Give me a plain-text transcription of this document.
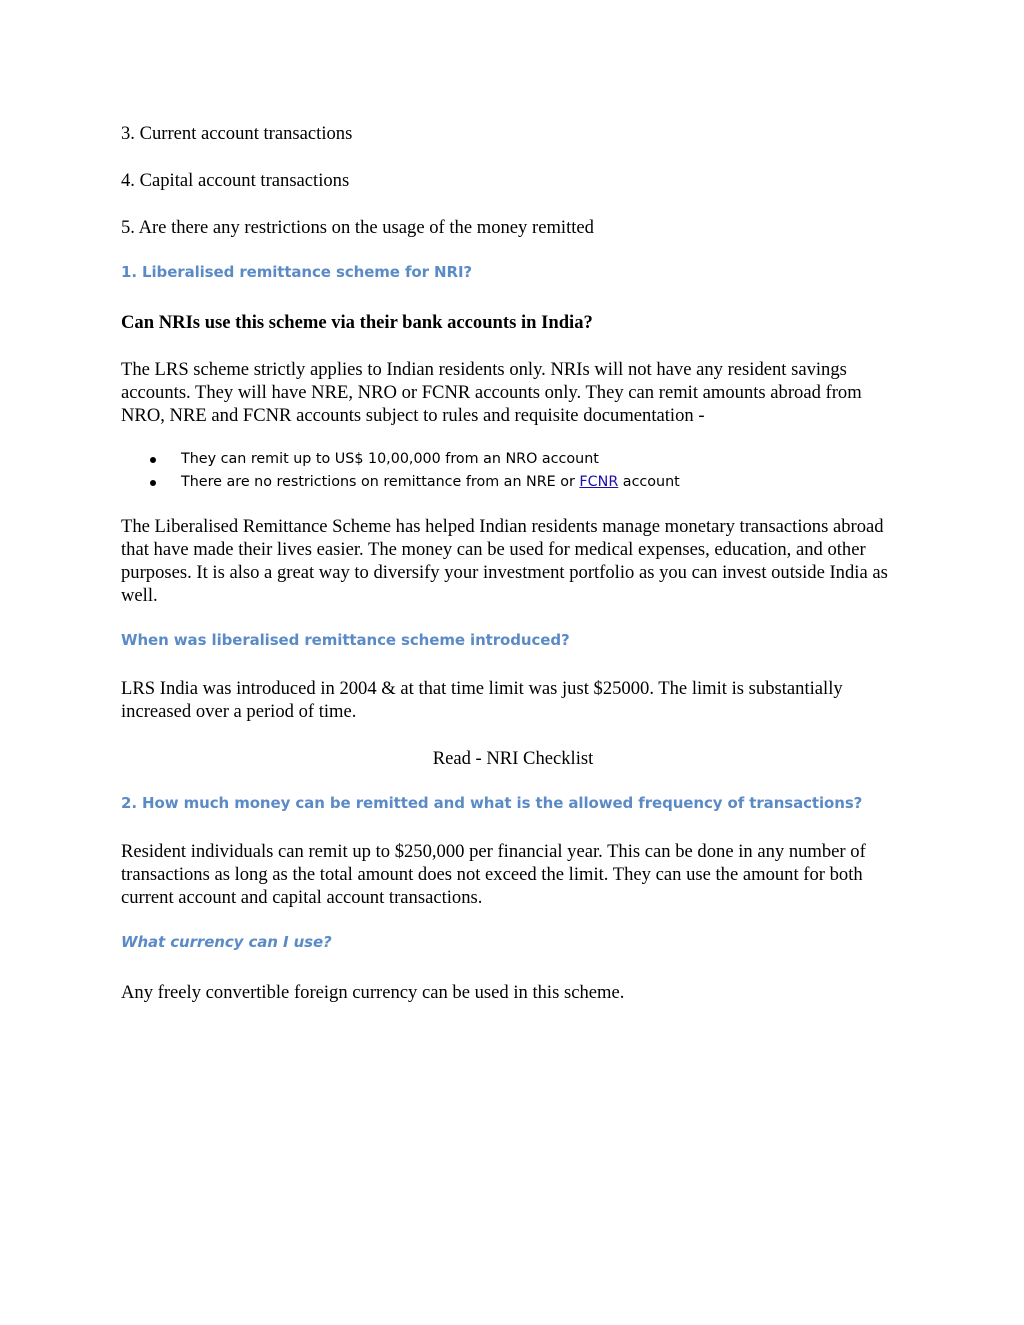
3. Current account transactions

4. Capital account transactions

5. Are there any restrictions on the usage of the money remitted

1. Liberalised remittance scheme for NRI?

Can NRIs use this scheme via their bank accounts in India?

The LRS scheme strictly applies to Indian residents only. NRIs will not have any resident savings accounts. They will have NRE, NRO or FCNR accounts only. They can remit amounts abroad from NRO, NRE and FCNR accounts subject to rules and requisite documentation -

They can remit up to US$ 10,00,000 from an NRO account
There are no restrictions on remittance from an NRE or FCNR account

The Liberalised Remittance Scheme has helped Indian residents manage monetary transactions abroad that have made their lives easier. The money can be used for medical expenses, education, and other purposes. It is also a great way to diversify your investment portfolio as you can invest outside India as well.

When was liberalised remittance scheme introduced?

LRS India was introduced in 2004 & at that time limit was just $25000. The limit is substantially increased over a period of time.

Read - NRI Checklist

2. How much money can be remitted and what is the allowed frequency of transactions?

Resident individuals can remit up to $250,000 per financial year. This can be done in any number of transactions as long as the total amount does not exceed the limit. They can use the amount for both current account and capital account transactions.

What currency can I use?

Any freely convertible foreign currency can be used in this scheme.
